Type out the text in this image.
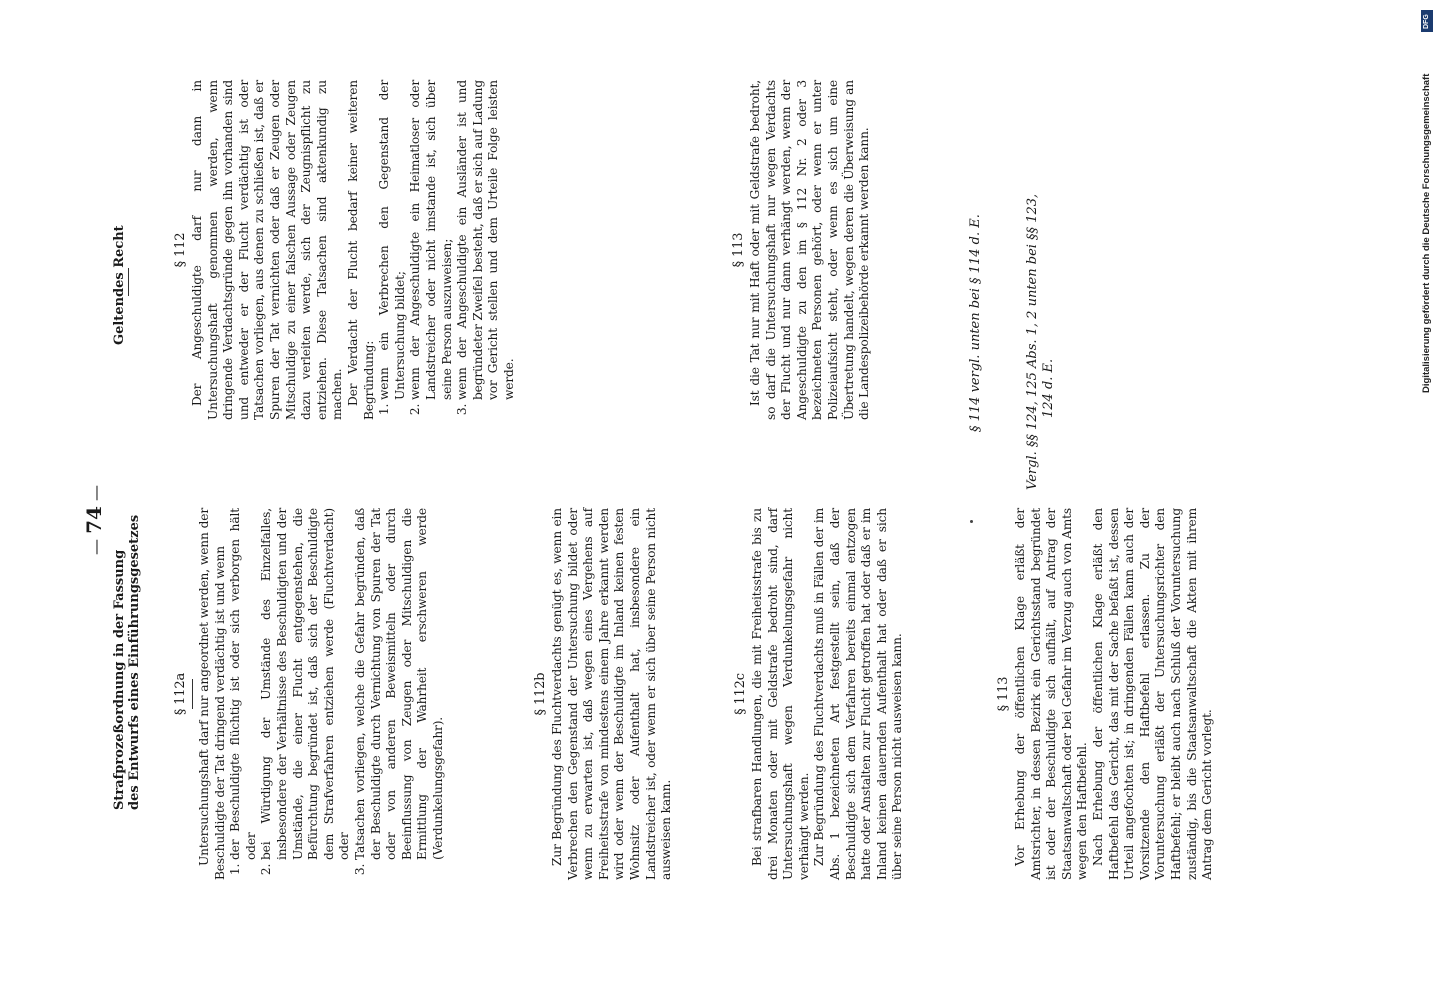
— 74 —
Strafprozeßordnung in der Fassung des Entwurfs eines Einführungsgesetzes § 112a Untersuchungshaft darf nur angeordnet werden, wenn der Beschuldigte der Tat dringend verdächtig ist und wenn 1. der Beschuldigte flüchtig ist oder sich verborgen hält oder 2. bei Würdigung der Umstände des Einzelfalles, insbesondere der Verhältnisse des Beschuldigten und der Umstände, die einer Flucht entgegenstehen, die Befürchtung begründet ist, daß sich der Beschuldigte dem Strafverfahren entziehen werde (Fluchtverdacht) oder 3. Tatsachen vorliegen, welche die Gefahr begründen, daß der Beschuldigte durch Vernichtung von Spuren der Tat oder von anderen Beweismitteln oder durch Beeinflussung von Zeugen oder Mitschuldigen die Ermittlung der Wahrheit erschweren werde (Verdunkelungsgefahr).
§ 112b Zur Begründung des Fluchtverdachts genügt es, wenn ein Verbrechen den Gegenstand der Untersuchung bildet oder wenn zu erwarten ist, daß wegen eines Vergehens auf Freiheitsstrafe von mindestens einem Jahre erkannt werden wird oder wenn der Beschuldigte im Inland keinen festen Wohnsitz oder Aufenthalt hat, insbesondere ein Landstreicher ist, oder wenn er sich über seine Person nicht ausweisen kann.

§ 112c Bei strafbaren Handlungen, die mit Freiheitsstrafe bis zu drei Monaten oder mit Geldstrafe bedroht sind, darf Untersuchungshaft wegen Verdunkelungsgefahr nicht verhängt werden. Zur Begründung des Fluchtverdachts muß in Fällen der im Abs. 1 bezeichneten Art festgestellt sein, daß der Beschuldigte sich dem Verfahren bereits einmal entzogen hatte oder Anstalten zur Flucht getroffen hat oder daß er im Inland keinen dauernden Aufenthalt hat oder daß er sich über seine Person nicht ausweisen kann.	§ 113 Vor Erhebung der öffentlichen Klage erläßt der Amtsrichter, in dessen Bezirk ein Gerichtsstand begründet ist oder der Beschuldigte sich aufhält, auf Antrag der Staatsanwaltschaft oder bei Gefahr im Verzug auch von Amts wegen den Haftbefehl. Nach Erhebung der öffentlichen Klage erläßt den Haftbefehl das Gericht, das mit der Sache befaßt ist, dessen Urteil angefochten ist; in dringenden Fällen kann auch der Vorsitzende den Haftbefehl erlassen. Zu der Voruntersuchung erläßt der Untersuchungsrichter den Haftbefehl; er bleibt auch nach Schluß der Voruntersuchung zuständig, bis die Staatsanwaltschaft die Akten mit ihrem Antrag dem Gericht vorlegt.

Geltendes Recht	§ 112 Der Angeschuldigte darf nur dann in Untersuchungshaft genommen werden, wenn dringende Verdachtsgründe gegen ihn vorhanden sind und entweder er der Flucht verdächtig ist oder Tatsachen vorliegen, aus denen zu schließen ist, daß er Spuren der Tat vernichten oder daß er Zeugen oder Mitschuldige zu einer falschen Aussage oder Zeugen dazu verleiten werde, sich der Zeugnispflicht zu entziehen. Diese Tatsachen sind aktenkundig zu machen. Der Verdacht der Flucht bedarf keiner weiteren Begründung: 1. wenn ein Verbrechen den Gegenstand der Untersuchung bildet; 2. wenn der Angeschuldigte ein Heimatloser oder Landstreicher oder nicht imstande ist, sich über seine Person auszuweisen; 3. wenn der Angeschuldigte ein Ausländer ist und begründeter Zweifel besteht, daß er sich auf Ladung vor Gericht stellen und dem Urteile Folge leisten werde.
§ 113 Ist die Tat nur mit Haft oder mit Geldstrafe bedroht, so darf die Untersuchungshaft nur wegen Verdachts der Flucht und nur dann verhängt werden, wenn der Angeschuldigte zu den im § 112 Nr. 2 oder 3 bezeichneten Personen gehört, oder wenn er unter Polizeiaufsicht steht, oder wenn es sich um eine Übertretung handelt, wegen deren die Überweisung an die Landespolizeibehörde erkannt werden kann.	§ 114 vergl. unten bei § 114 d. E.	Vergl. §§ 124, 125 Abs. 1, 2 unten bei §§ 123, 124 d. E.	Digitalisierung gefördert durch die Deutsche Forschungsgemeinschaft
DFG
